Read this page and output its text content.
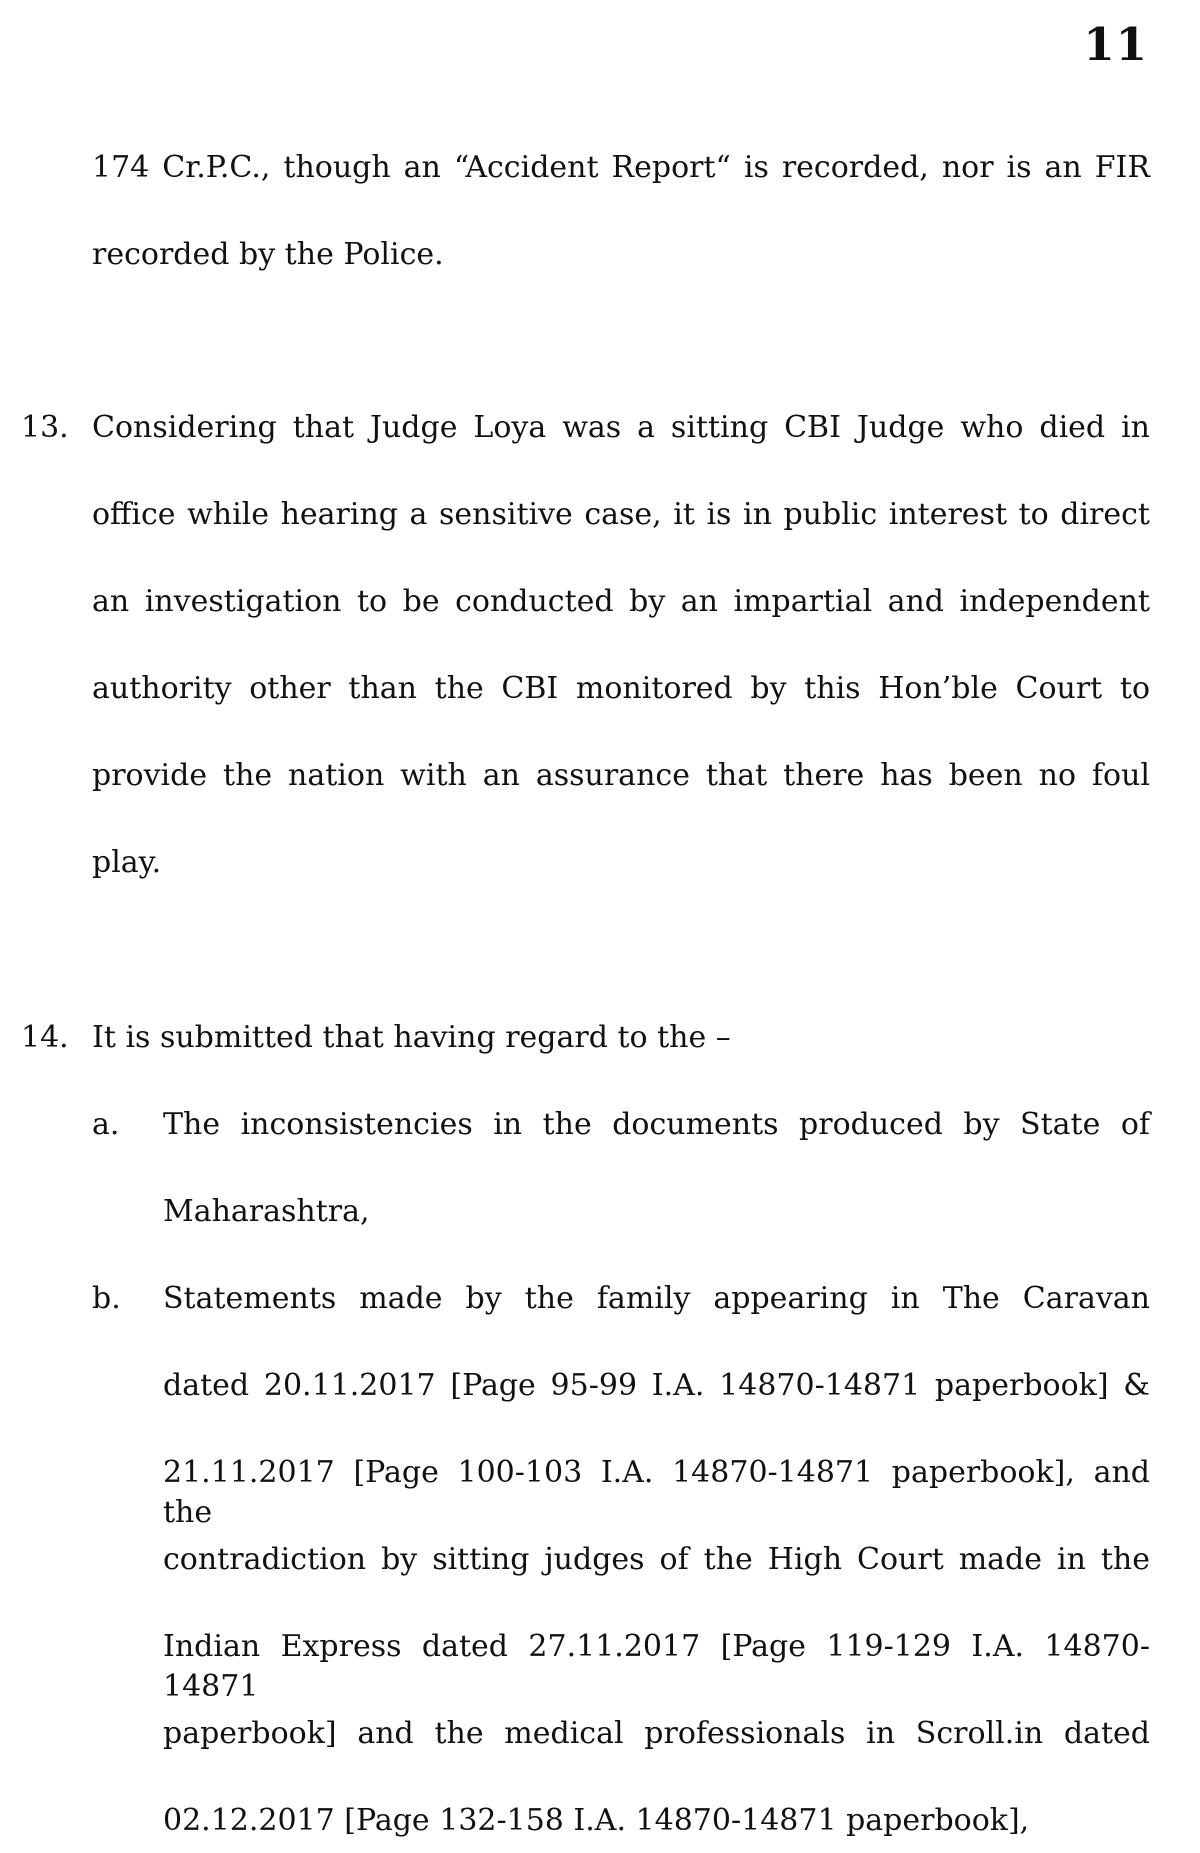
11
174 Cr.P.C., though an “Accident Report“ is recorded, nor is an FIR
recorded by the Police.
13. Considering that Judge Loya was a sitting CBI Judge who died in
office while hearing a sensitive case, it is in public interest to direct
an investigation to be conducted by an impartial and independent
authority other than the CBI monitored by this Hon’ble Court to
provide the nation with an assurance that there has been no foul
play.
14. It is submitted that having regard to the –
a. The inconsistencies in the documents produced by State of
Maharashtra,
b. Statements made by the family appearing in The Caravan
dated 20.11.2017 [Page 95-99 I.A. 14870-14871 paperbook] &
21.11.2017 [Page 100-103 I.A. 14870-14871 paperbook], and the
contradiction by sitting judges of the High Court made in the
Indian Express dated 27.11.2017 [Page 119-129 I.A. 14870-14871
paperbook] and the medical professionals in Scroll.in dated
02.12.2017 [Page 132-158 I.A. 14870-14871 paperbook],
